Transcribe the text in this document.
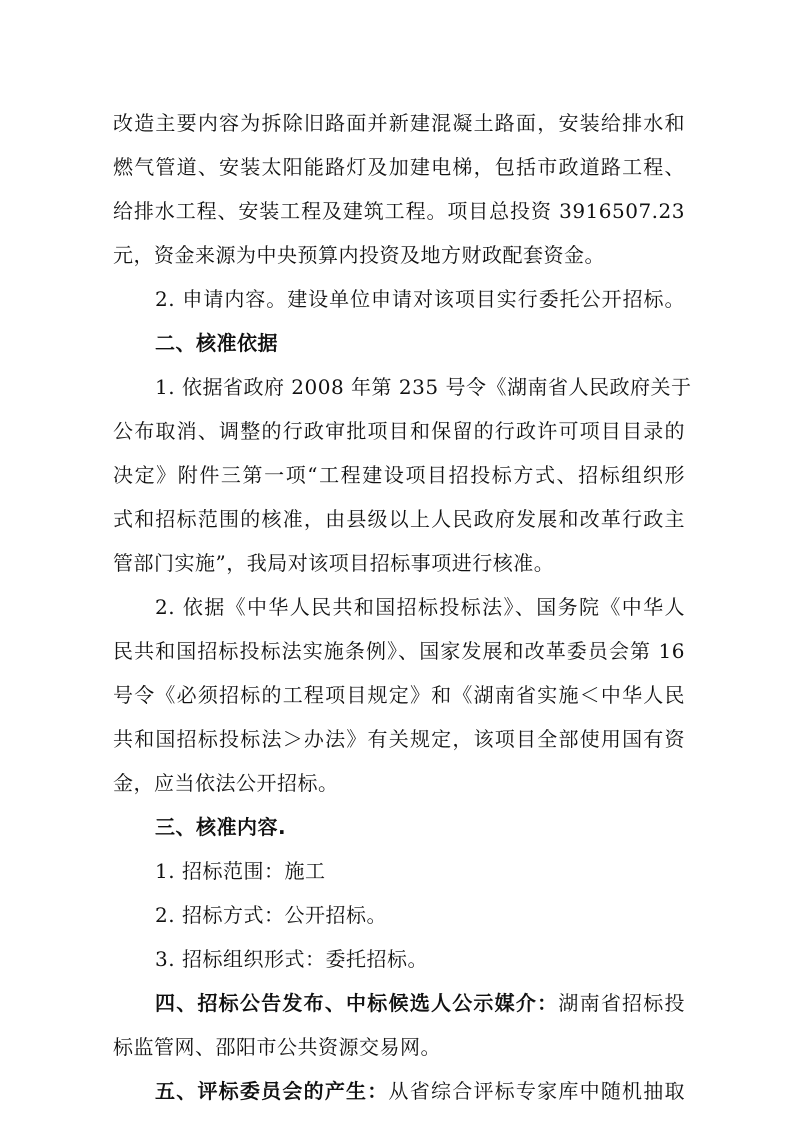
改造主要内容为拆除旧路面并新建混凝土路面，安装给排水和
燃气管道、安装太阳能路灯及加建电梯，包括市政道路工程、
给排水工程、安装工程及建筑工程。项目总投资 3916507.23
元，资金来源为中央预算内投资及地方财政配套资金。
2. 申请内容。建设单位申请对该项目实行委托公开招标。
二、核准依据
1. 依据省政府 2008 年第 235 号令《湖南省人民政府关于
公布取消、调整的行政审批项目和保留的行政许可项目目录的
决定》附件三第一项“工程建设项目招投标方式、招标组织形
式和招标范围的核准，由县级以上人民政府发展和改革行政主
管部门实施”，我局对该项目招标事项进行核准。
2. 依据《中华人民共和国招标投标法》、国务院《中华人
民共和国招标投标法实施条例》、国家发展和改革委员会第 16
号令《必须招标的工程项目规定》和《湖南省实施＜中华人民
共和国招标投标法＞办法》有关规定，该项目全部使用国有资
金，应当依法公开招标。
三、核准内容.
1. 招标范围：施工
2. 招标方式：公开招标。
3. 招标组织形式：委托招标。
四、招标公告发布、中标候选人公示媒介：湖南省招标投
标监管网、邵阳市公共资源交易网。
五、评标委员会的产生：从省综合评标专家库中随机抽取
